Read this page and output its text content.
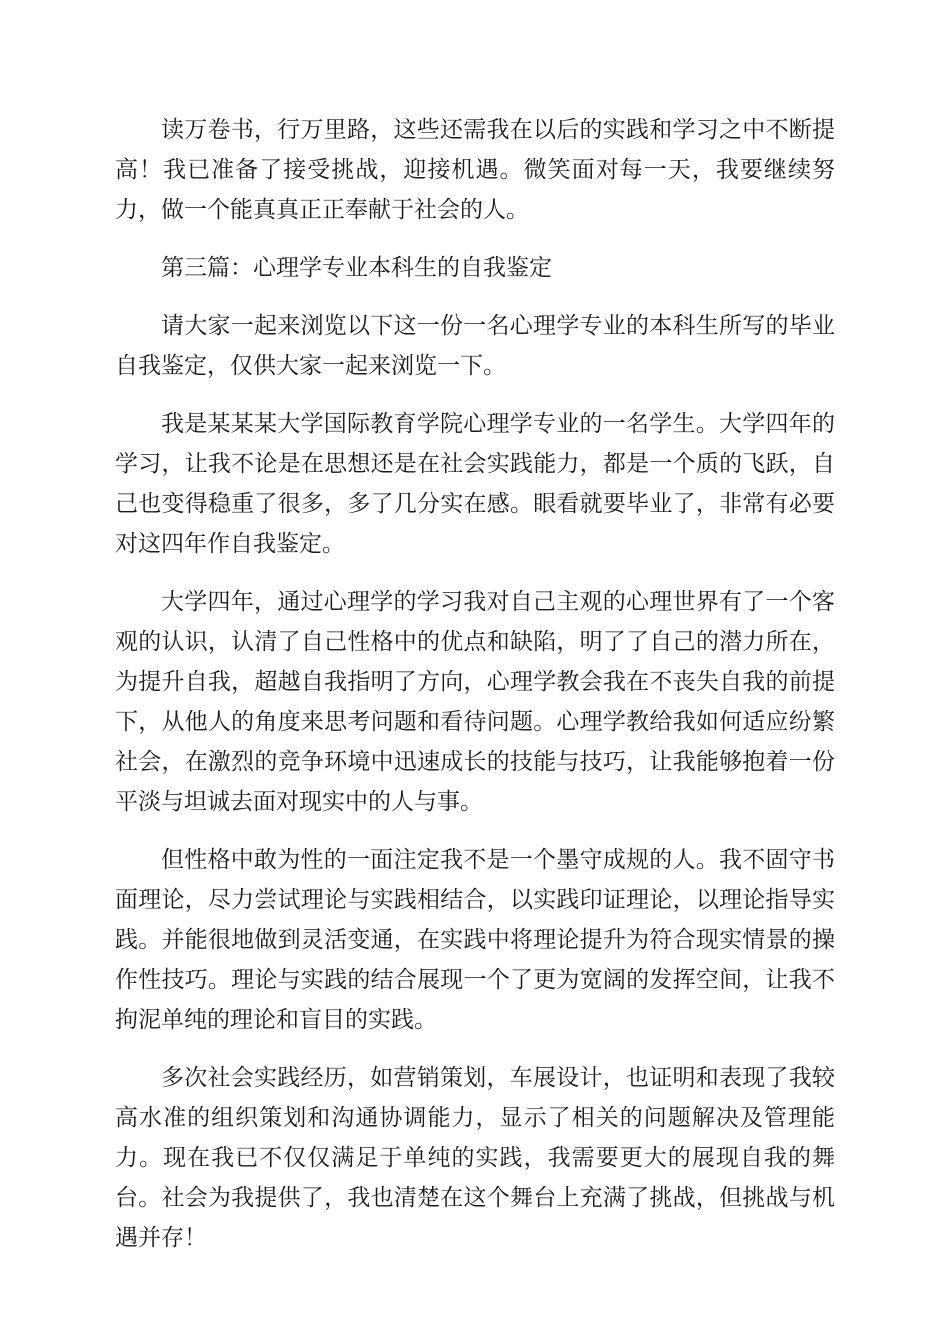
读万卷书，行万里路，这些还需我在以后的实践和学习之中不断提高！我已准备了接受挑战，迎接机遇。微笑面对每一天，我要继续努力，做一个能真真正正奉献于社会的人。

第三篇：心理学专业本科生的自我鉴定

请大家一起来浏览以下这一份一名心理学专业的本科生所写的毕业自我鉴定，仅供大家一起来浏览一下。

我是某某某大学国际教育学院心理学专业的一名学生。大学四年的学习，让我不论是在思想还是在社会实践能力，都是一个质的飞跃，自己也变得稳重了很多，多了几分实在感。眼看就要毕业了，非常有必要对这四年作自我鉴定。

大学四年，通过心理学的学习我对自己主观的心理世界有了一个客观的认识，认清了自己性格中的优点和缺陷，明了了自己的潜力所在，为提升自我，超越自我指明了方向，心理学教会我在不丧失自我的前提下，从他人的角度来思考问题和看待问题。心理学教给我如何适应纷繁社会，在激烈的竞争环境中迅速成长的技能与技巧，让我能够抱着一份平淡与坦诚去面对现实中的人与事。

但性格中敢为性的一面注定我不是一个墨守成规的人。我不固守书面理论，尽力尝试理论与实践相结合，以实践印证理论，以理论指导实践。并能很地做到灵活变通，在实践中将理论提升为符合现实情景的操作性技巧。理论与实践的结合展现一个了更为宽阔的发挥空间，让我不拘泥单纯的理论和盲目的实践。

多次社会实践经历，如营销策划，车展设计，也证明和表现了我较高水准的组织策划和沟通协调能力，显示了相关的问题解决及管理能力。现在我已不仅仅满足于单纯的实践，我需要更大的展现自我的舞台。社会为我提供了，我也清楚在这个舞台上充满了挑战，但挑战与机遇并存！
